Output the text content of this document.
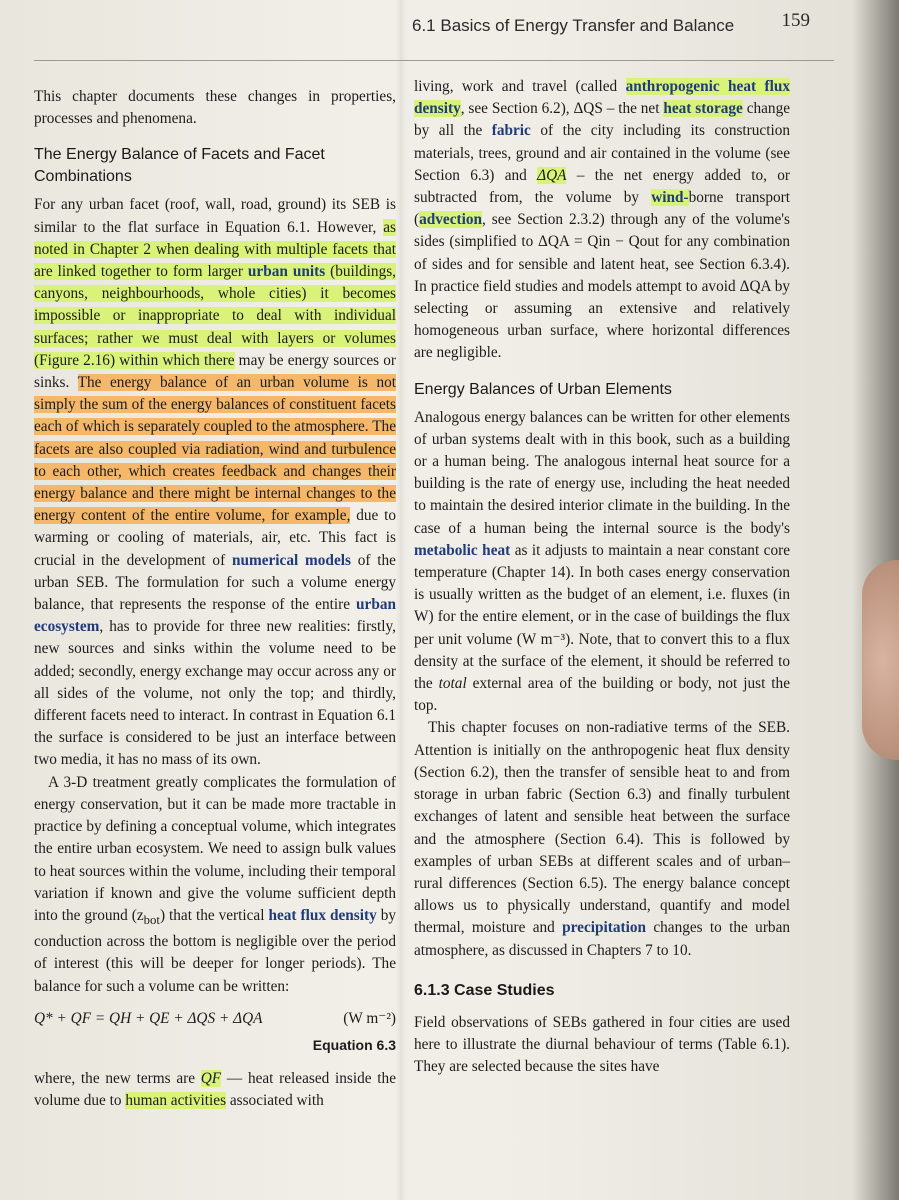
6.1 Basics of Energy Transfer and Balance 159

This chapter documents these changes in properties, processes and phenomena.

The Energy Balance of Facets and Facet Combinations

For any urban facet (roof, wall, road, ground) its SEB is similar to the flat surface in Equation 6.1. However, as noted in Chapter 2 when dealing with multiple facets that are linked together to form larger urban units (buildings, canyons, neighbourhoods, whole cities) it becomes impossible or inappropriate to deal with individual surfaces; rather we must deal with layers or volumes (Figure 2.16) within which there may be energy sources or sinks. The energy balance of an urban volume is not simply the sum of the energy balances of constituent facets each of which is separately coupled to the atmosphere. The facets are also coupled via radiation, wind and turbulence to each other, which creates feedback and changes their energy balance and there might be internal changes to the energy content of the entire volume, for example, due to warming or cooling of materials, air, etc. This fact is crucial in the development of numerical models of the urban SEB. The formulation for such a volume energy balance, that represents the response of the entire urban ecosystem, has to provide for three new realities: firstly, new sources and sinks within the volume need to be added; secondly, energy exchange may occur across any or all sides of the volume, not only the top; and thirdly, different facets need to interact. In contrast in Equation 6.1 the surface is considered to be just an interface between two media, it has no mass of its own.

A 3-D treatment greatly complicates the formulation of energy conservation, but it can be made more tractable in practice by defining a conceptual volume, which integrates the entire urban ecosystem. We need to assign bulk values to heat sources within the volume, including their temporal variation if known and give the volume sufficient depth into the ground $(z_{bot})$ that the vertical heat flux density by conduction across the bottom is negligible over the period of interest (this will be deeper for longer periods). The balance for such a volume can be written:

Q* + QF = QH + QE + ΔQS + ΔQA	(W m⁻²)
Equation 6.3

where, the new terms are QF — heat released inside the volume due to human activities associated with

living, work and travel (called anthropogenic heat flux density, see Section 6.2), ΔQS – the net heat storage change by all the fabric of the city including its construction materials, trees, ground and air contained in the volume (see Section 6.3) and ΔQA – the net energy added to, or subtracted from, the volume by wind-borne transport (advection, see Section 2.3.2) through any of the volume's sides (simplified to ΔQA = Qin − Qout for any combination of sides and for sensible and latent heat, see Section 6.3.4). In practice field studies and models attempt to avoid ΔQA by selecting or assuming an extensive and relatively homogeneous urban surface, where horizontal differences are negligible.

Energy Balances of Urban Elements

Analogous energy balances can be written for other elements of urban systems dealt with in this book, such as a building or a human being. The analogous internal heat source for a building is the rate of energy use, including the heat needed to maintain the desired interior climate in the building. In the case of a human being the internal source is the body's metabolic heat as it adjusts to maintain a near constant core temperature (Chapter 14). In both cases energy conservation is usually written as the budget of an element, i.e. fluxes (in W) for the entire element, or in the case of buildings the flux per unit volume (W m⁻³). Note, that to convert this to a flux density at the surface of the element, it should be referred to the total external area of the building or body, not just the top.

This chapter focuses on non-radiative terms of the SEB. Attention is initially on the anthropogenic heat flux density (Section 6.2), then the transfer of sensible heat to and from storage in urban fabric (Section 6.3) and finally turbulent exchanges of latent and sensible heat between the surface and the atmosphere (Section 6.4). This is followed by examples of urban SEBs at different scales and of urban–rural differences (Section 6.5). The energy balance concept allows us to physically understand, quantify and model thermal, moisture and precipitation changes to the urban atmosphere, as discussed in Chapters 7 to 10.

6.1.3 Case Studies

Field observations of SEBs gathered in four cities are used here to illustrate the diurnal behaviour of terms (Table 6.1). They are selected because the sites have
